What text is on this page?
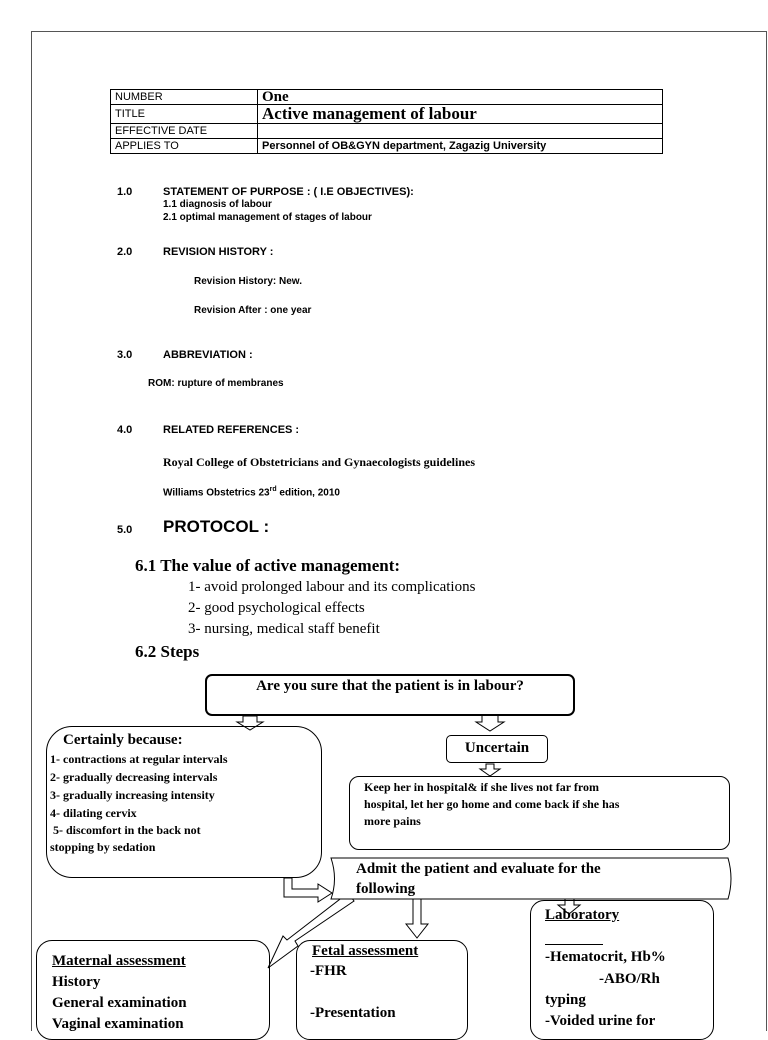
NUMBER	One
TITLE	Active management of labour
EFFECTIVE DATE	
APPLIES TO	Personnel of OB&GYN department, Zagazig University
1.0	STATEMENT OF PURPOSE : ( I.E OBJECTIVES):
1.1 diagnosis of labour
2.1 optimal management of stages of labour
2.0	REVISION HISTORY :
Revision History: New.
Revision After : one year
3.0	ABBREVIATION :
ROM: rupture of membranes
4.0	RELATED REFERENCES :
Royal College of Obstetricians and Gynaecologists guidelines
Williams Obstetrics 23rd edition, 2010
5.0 PROTOCOL :
6.1 The value of active management:
1- avoid prolonged labour and its complications
2- good psychological effects
3- nursing, medical staff benefit
6.2 Steps
Are you sure that the patient is in labour?
Certainly because:
1- contractions at regular intervals
2- gradually decreasing intervals
3- gradually increasing intensity
4- dilating cervix
5- discomfort in the back not
stopping by sedation
Uncertain
Keep her in hospital& if she lives not far from
hospital, let her go home and come back if she has
more pains
Admit the patient and evaluate for the
following
Maternal assessment
History
General examination
Vaginal examination
Fetal assessment
-FHR
-Presentation
Laboratory
-Hematocrit, Hb%
-ABO/Rh
typing
-Voided urine for
